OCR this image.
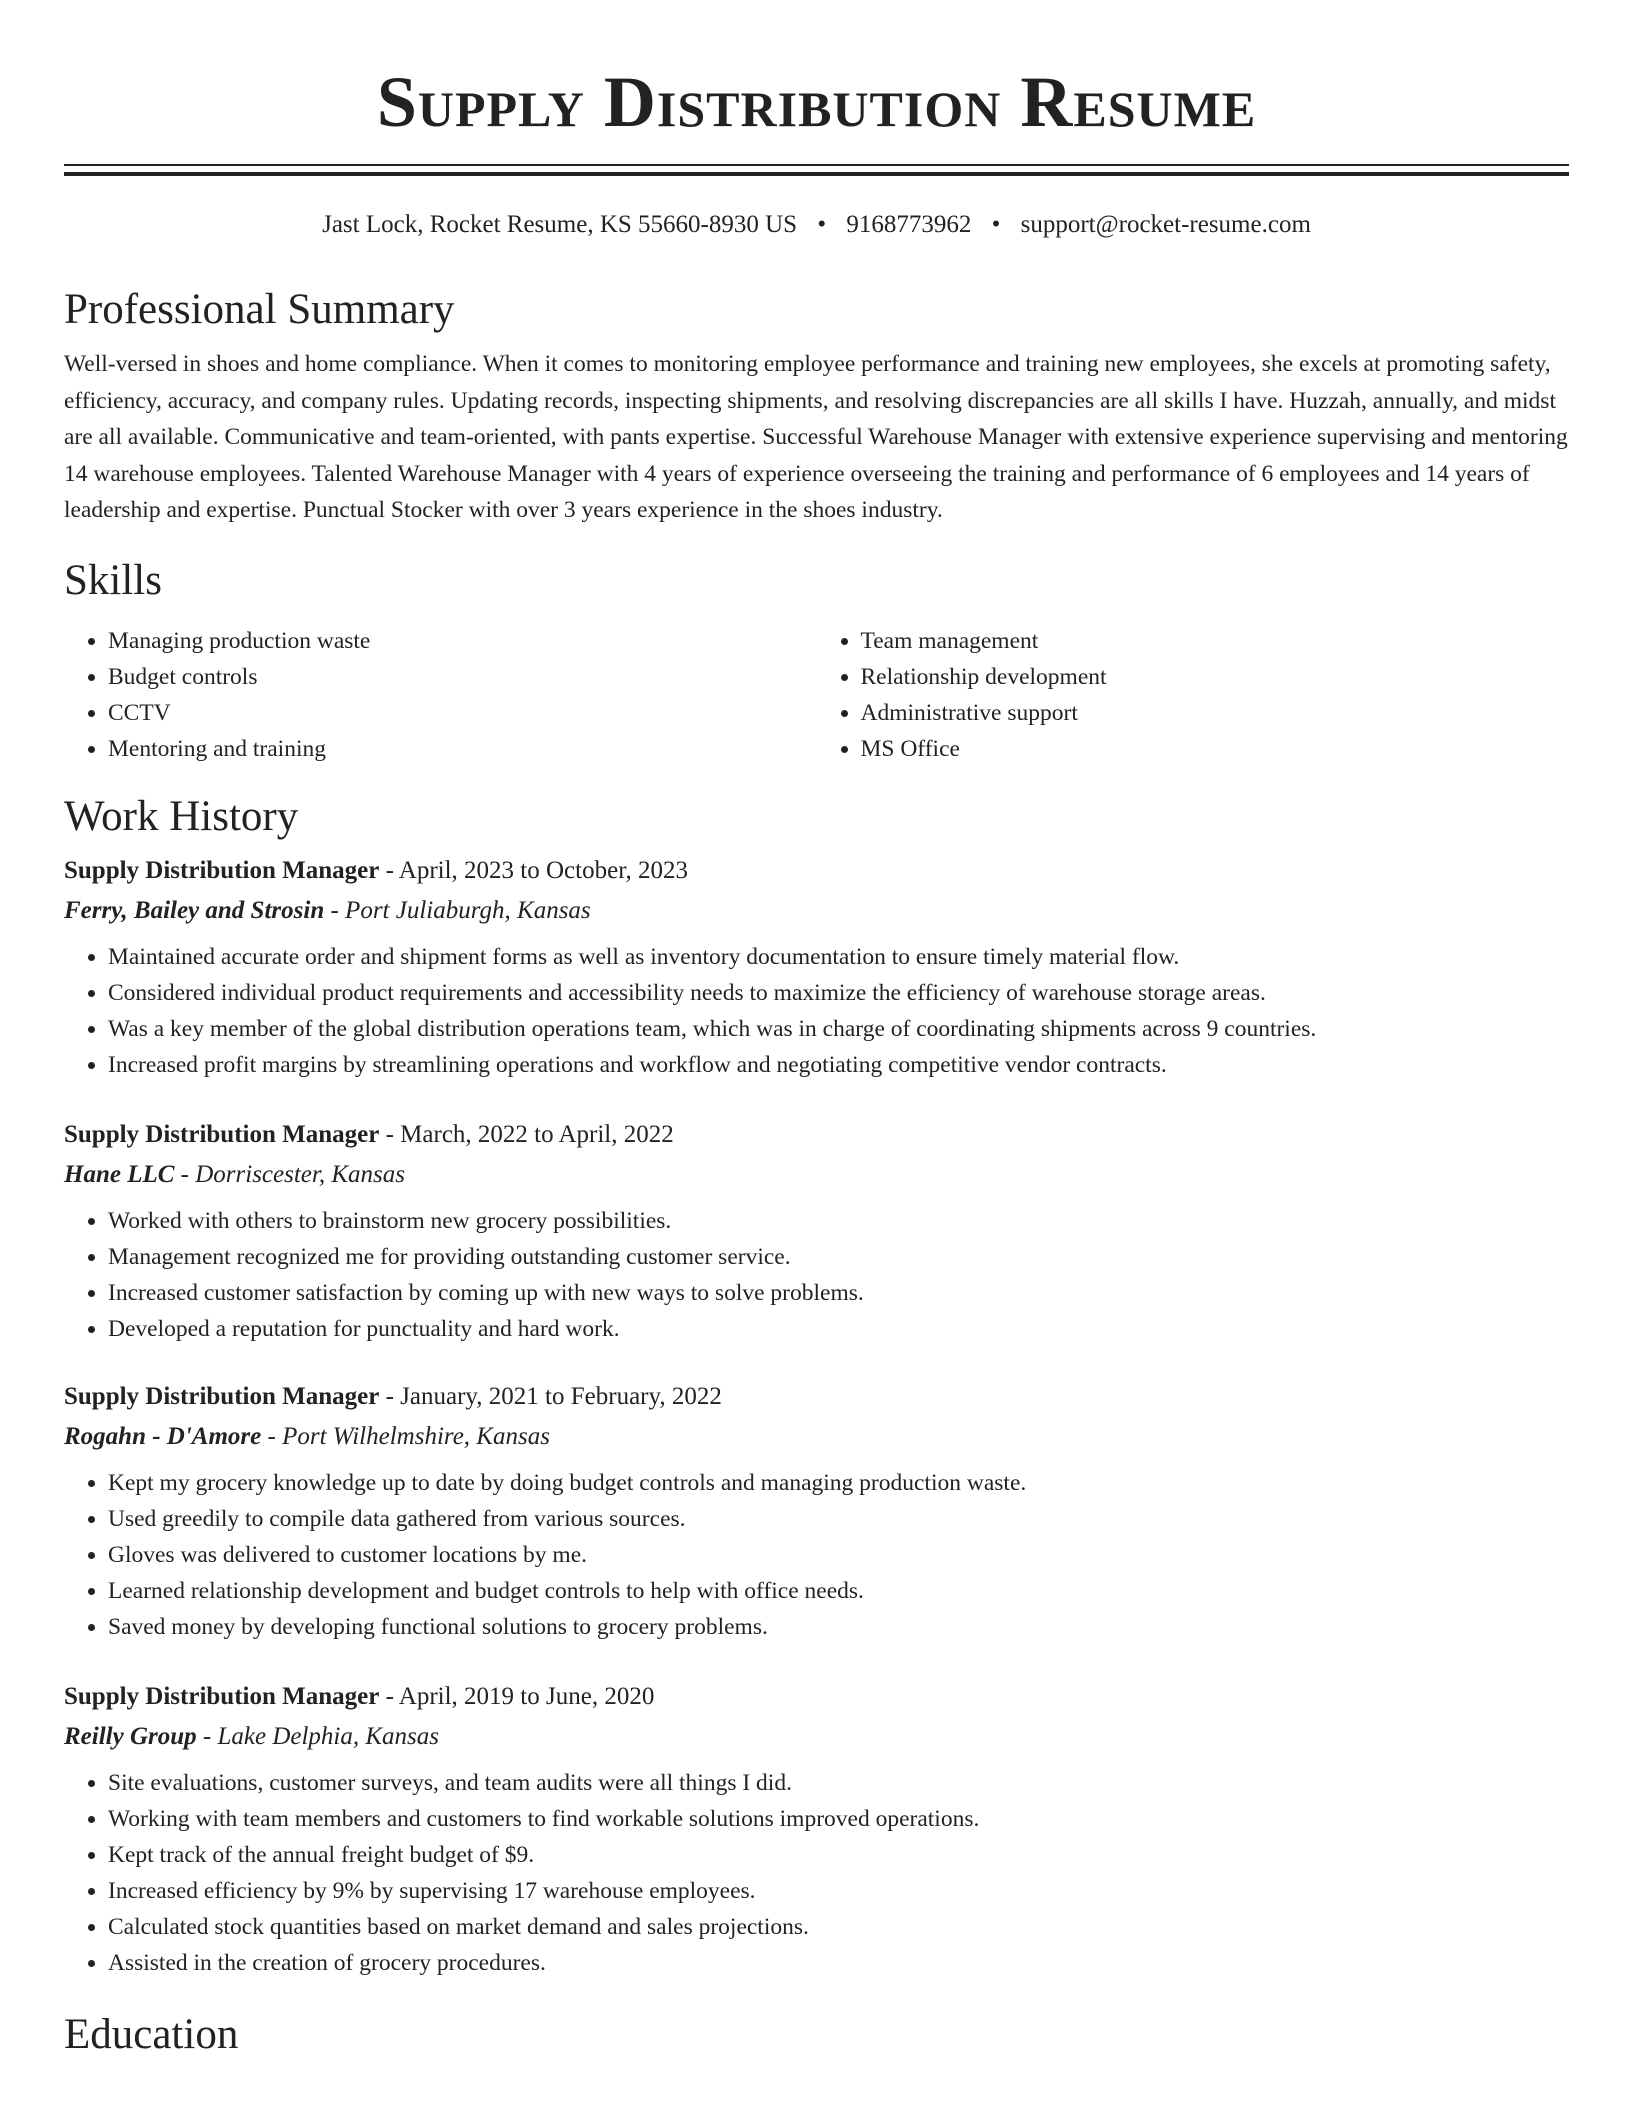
Supply Distribution Resume
Jast Lock, Rocket Resume, KS 55660-8930 US • 9168773962 • support@rocket-resume.com
Professional Summary

Well-versed in shoes and home compliance. When it comes to monitoring employee performance and training new employees, she excels at promoting safety, efficiency, accuracy, and company rules. Updating records, inspecting shipments, and resolving discrepancies are all skills I have. Huzzah, annually, and midst are all available. Communicative and team-oriented, with pants expertise. Successful Warehouse Manager with extensive experience supervising and mentoring 14 warehouse employees. Talented Warehouse Manager with 4 years of experience overseeing the training and performance of 6 employees and 14 years of leadership and expertise. Punctual Stocker with over 3 years experience in the shoes industry.

Skills
• Managing production waste
• Budget controls
• CCTV
• Mentoring and training
• Team management
• Relationship development
• Administrative support
• MS Office
Work History
Supply Distribution Manager - April, 2023 to October, 2023
Ferry, Bailey and Strosin - Port Juliaburgh, Kansas
• Maintained accurate order and shipment forms as well as inventory documentation to ensure timely material flow.
• Considered individual product requirements and accessibility needs to maximize the efficiency of warehouse storage areas.
• Was a key member of the global distribution operations team, which was in charge of coordinating shipments across 9 countries.
• Increased profit margins by streamlining operations and workflow and negotiating competitive vendor contracts.
Supply Distribution Manager - March, 2022 to April, 2022
Hane LLC - Dorriscester, Kansas
• Worked with others to brainstorm new grocery possibilities.
• Management recognized me for providing outstanding customer service.
• Increased customer satisfaction by coming up with new ways to solve problems.
• Developed a reputation for punctuality and hard work.
Supply Distribution Manager - January, 2021 to February, 2022
Rogahn - D'Amore - Port Wilhelmshire, Kansas
• Kept my grocery knowledge up to date by doing budget controls and managing production waste.
• Used greedily to compile data gathered from various sources.
• Gloves was delivered to customer locations by me.
• Learned relationship development and budget controls to help with office needs.
• Saved money by developing functional solutions to grocery problems.
Supply Distribution Manager - April, 2019 to June, 2020
Reilly Group - Lake Delphia, Kansas
• Site evaluations, customer surveys, and team audits were all things I did.
• Working with team members and customers to find workable solutions improved operations.
• Kept track of the annual freight budget of $9.
• Increased efficiency by 9% by supervising 17 warehouse employees.
• Calculated stock quantities based on market demand and sales projections.
• Assisted in the creation of grocery procedures.
Education
